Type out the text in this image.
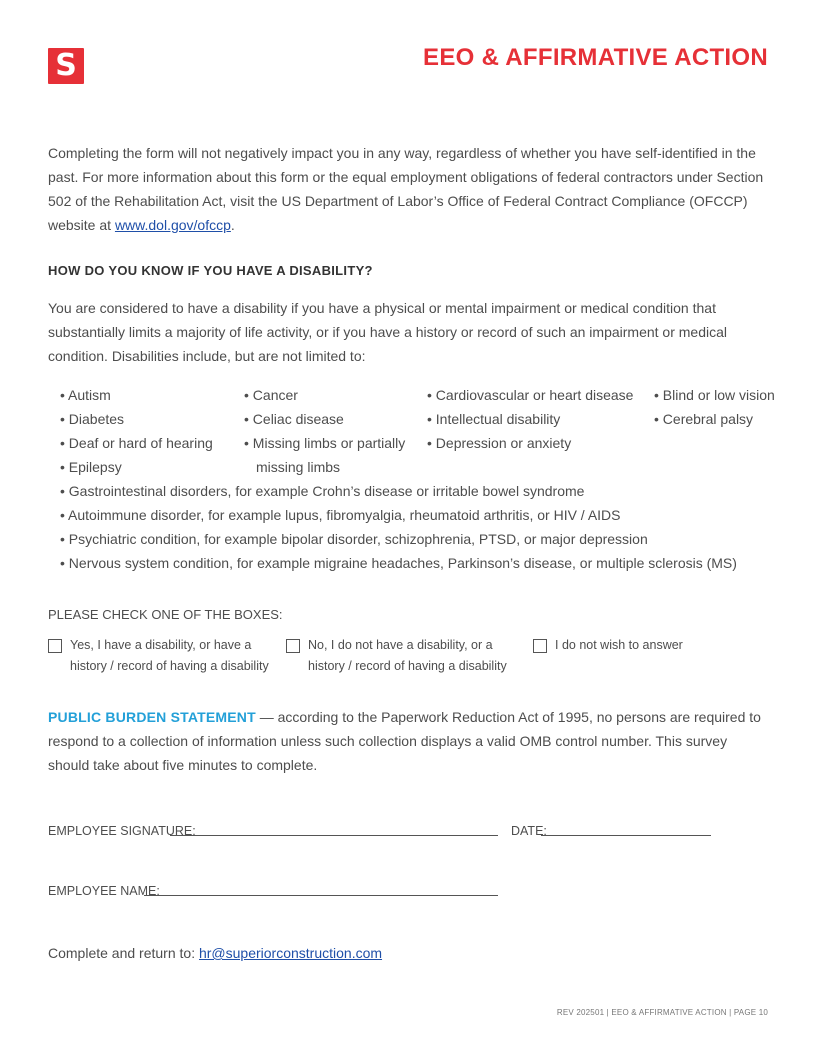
S	EEO & AFFIRMATIVE ACTION

Completing the form will not negatively impact you in any way, regardless of whether you have self-identified in the past. For more information about this form or the equal employment obligations of federal contractors under Section 502 of the Rehabilitation Act, visit the US Department of Labor’s Office of Federal Contract Compliance (OFCCP) website at www.dol.gov/ofccp.

HOW DO YOU KNOW IF YOU HAVE A DISABILITY?

You are considered to have a disability if you have a physical or mental impairment or medical condition that substantially limits a majority of life activity, or if you have a history or record of such an impairment or medical condition. Disabilities include, but are not limited to:

• Autism	• Cancer	• Cardiovascular or heart disease	• Blind or low vision
• Diabetes	• Celiac disease	• Intellectual disability	• Cerebral palsy
• Deaf or hard of hearing	• Missing limbs or partially	• Depression or anxiety
• Epilepsy	missing limbs
• Gastrointestinal disorders, for example Crohn’s disease or irritable bowel syndrome
• Autoimmune disorder, for example lupus, fibromyalgia, rheumatoid arthritis, or HIV / AIDS
• Psychiatric condition, for example bipolar disorder, schizophrenia, PTSD, or major depression
• Nervous system condition, for example migraine headaches, Parkinson’s disease, or multiple sclerosis (MS)
PLEASE CHECK ONE OF THE BOXES:
Yes, I have a disability, or have a
history / record of having a disability
No, I do not have a disability, or a
history / record of having a disability
I do not wish to answer

PUBLIC BURDEN STATEMENT — according to the Paperwork Reduction Act of 1995, no persons are required to respond to a collection of information unless such collection displays a valid OMB control number. This survey should take about five minutes to complete.

EMPLOYEE SIGNATURE:	DATE:
EMPLOYEE NAME:

Complete and return to: hr@superiorconstruction.com

REV 202501 | EEO & AFFIRMATIVE ACTION | PAGE 10
